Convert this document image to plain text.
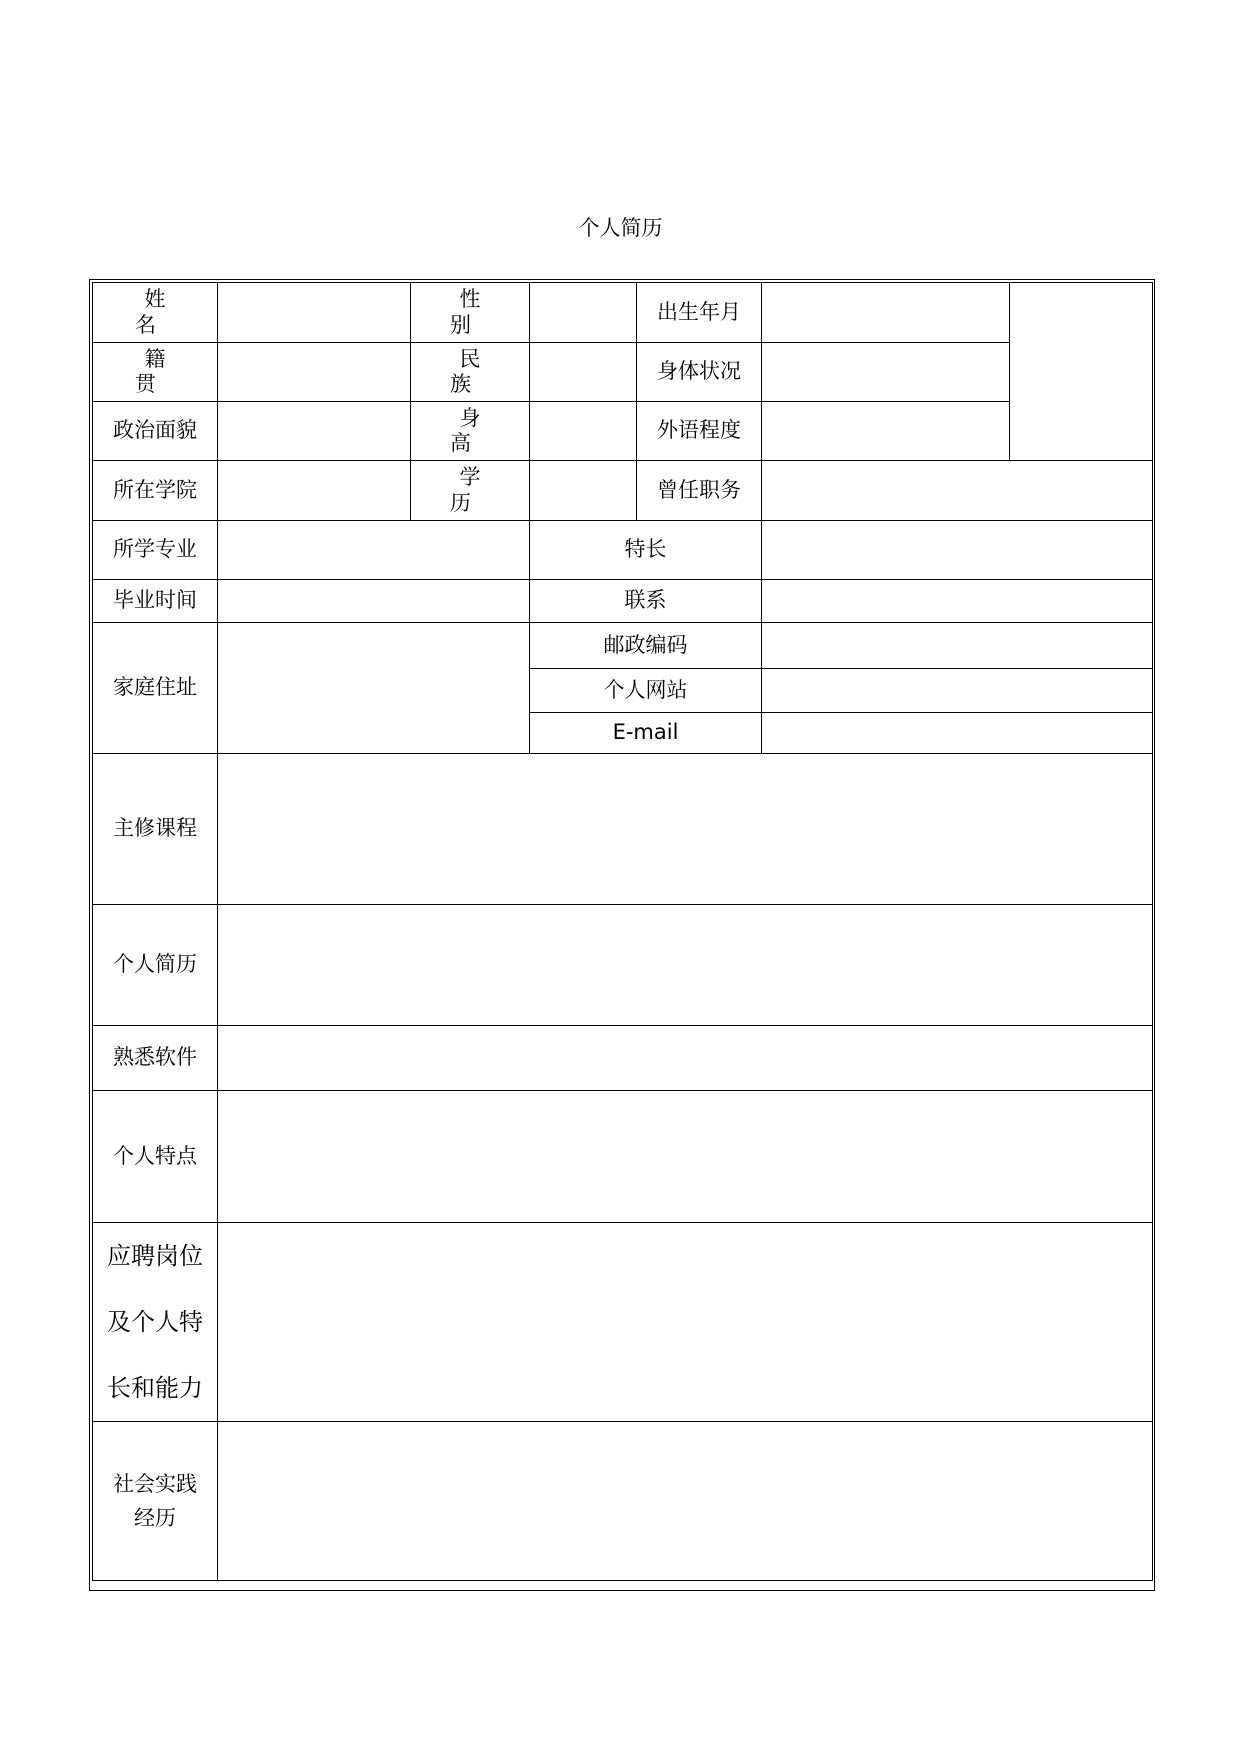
个人简历
姓 名		性 别		出生年月		
籍 贯		民 族		身体状况		
政治面貌		身 高		外语程度		
所在学院		学 历		曾任职务		
所学专业			特长			
毕业时间			联系			
家庭住址			邮政编码			
			个人网站			
			E-mail			
主修课程						
个人简历						
熟悉软件						
个人特点						

应聘岗位
及个人特
长和能力						

社会实践
经历						
